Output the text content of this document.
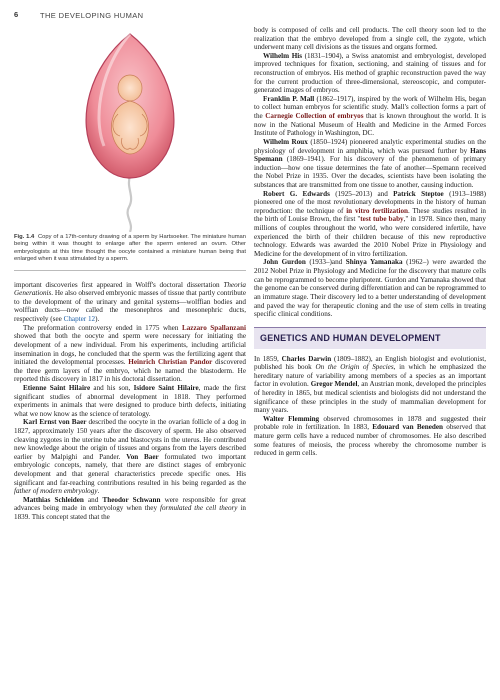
6	THE DEVELOPING HUMAN
Fig. 1.4 Copy of a 17th-century drawing of a sperm by Hartsoeker. The miniature human being within it was thought to enlarge after the sperm entered an ovum. Other embryologists at this time thought the oocyte contained a miniature human being that enlarged when it was stimulated by a sperm.

important discoveries first appeared in Wolff's doctoral dissertation Theoria Generationis. He also observed embryonic masses of tissue that partly contribute to the development of the urinary and genital systems—wolffian bodies and wolffian ducts—now called the mesonephros and mesonephric ducts, respectively (see Chapter 12).

The preformation controversy ended in 1775 when Lazzaro Spallanzani showed that both the oocyte and sperm were necessary for initiating the development of a new individual. From his experiments, including artificial insemination in dogs, he concluded that the sperm was the fertilizing agent that initiated the developmental processes. Heinrich Christian Pandor discovered the three germ layers of the embryo, which he named the blastoderm. He reported this discovery in 1817 in his doctoral dissertation.

Etienne Saint Hilaire and his son, Isidore Saint Hilaire, made the first significant studies of abnormal development in 1818. They performed experiments in animals that were designed to produce birth defects, initiating what we now know as the science of teratology.

Karl Ernst von Baer described the oocyte in the ovarian follicle of a dog in 1827, approximately 150 years after the discovery of sperm. He also observed cleaving zygotes in the uterine tube and blastocysts in the uterus. He contributed new knowledge about the origin of tissues and organs from the layers described earlier by Malpighi and Pander. Von Baer formulated two important embryologic concepts, namely, that there are distinct stages of embryonic development and that general characteristics precede specific ones. His significant and far-reaching contributions resulted in his being regarded as the father of modern embryology.

Matthias Schleiden and Theodor Schwann were responsible for great advances being made in embryology when they formulated the cell theory in 1839. This concept stated that the

body is composed of cells and cell products. The cell theory soon led to the realization that the embryo developed from a single cell, the zygote, which underwent many cell divisions as the tissues and organs formed.

Wilhelm His (1831–1904), a Swiss anatomist and embryologist, developed improved techniques for fixation, sectioning, and staining of tissues and for reconstruction of embryos. His method of graphic reconstruction paved the way for the current production of three-dimensional, stereoscopic, and computer-generated images of embryos.

Franklin P. Mall (1862–1917), inspired by the work of Wilhelm His, began to collect human embryos for scientific study. Mall's collection forms a part of the Carnegie Collection of embryos that is known throughout the world. It is now in the National Museum of Health and Medicine in the Armed Forces Institute of Pathology in Washington, DC.

Wilhelm Roux (1850–1924) pioneered analytic experimental studies on the physiology of development in amphibia, which was pursued further by Hans Spemann (1869–1941). For his discovery of the phenomenon of primary induction—how one tissue determines the fate of another—Spemann received the Nobel Prize in 1935. Over the decades, scientists have been isolating the substances that are transmitted from one tissue to another, causing induction.

Robert G. Edwards (1925–2013) and Patrick Steptoe (1913–1988) pioneered one of the most revolutionary developments in the history of human reproduction: the technique of in vitro fertilization. These studies resulted in the birth of Louise Brown, the first "test tube baby," in 1978. Since then, many millions of couples throughout the world, who were considered infertile, have experienced the birth of their children because of this new reproductive technology. Edwards was awarded the 2010 Nobel Prize in Physiology and Medicine for the development of in vitro fertilization.

John Gurdon (1933–)and Shinya Yamanaka (1962–) were awarded the 2012 Nobel Prize in Physiology and Medicine for the discovery that mature cells can be reprogrammed to become pluripotent. Gurdon and Yamanaka showed that the genome can be conserved during differentiation and can be reprogrammed to an immature stage. Their discovery led to a better understanding of development and paved the way for therapeutic cloning and the use of stem cells in treating specific clinical conditions.

GENETICS AND HUMAN DEVELOPMENT

In 1859, Charles Darwin (1809–1882), an English biologist and evolutionist, published his book On the Origin of Species, in which he emphasized the hereditary nature of variability among members of a species as an important factor in evolution. Gregor Mendel, an Austrian monk, developed the principles of heredity in 1865, but medical scientists and biologists did not understand the significance of these principles in the study of mammalian development for many years.

Walter Flemming observed chromosomes in 1878 and suggested their probable role in fertilization. In 1883, Edouard van Beneden observed that mature germ cells have a reduced number of chromosomes. He also described some features of meiosis, the process whereby the chromosome number is reduced in germ cells.
